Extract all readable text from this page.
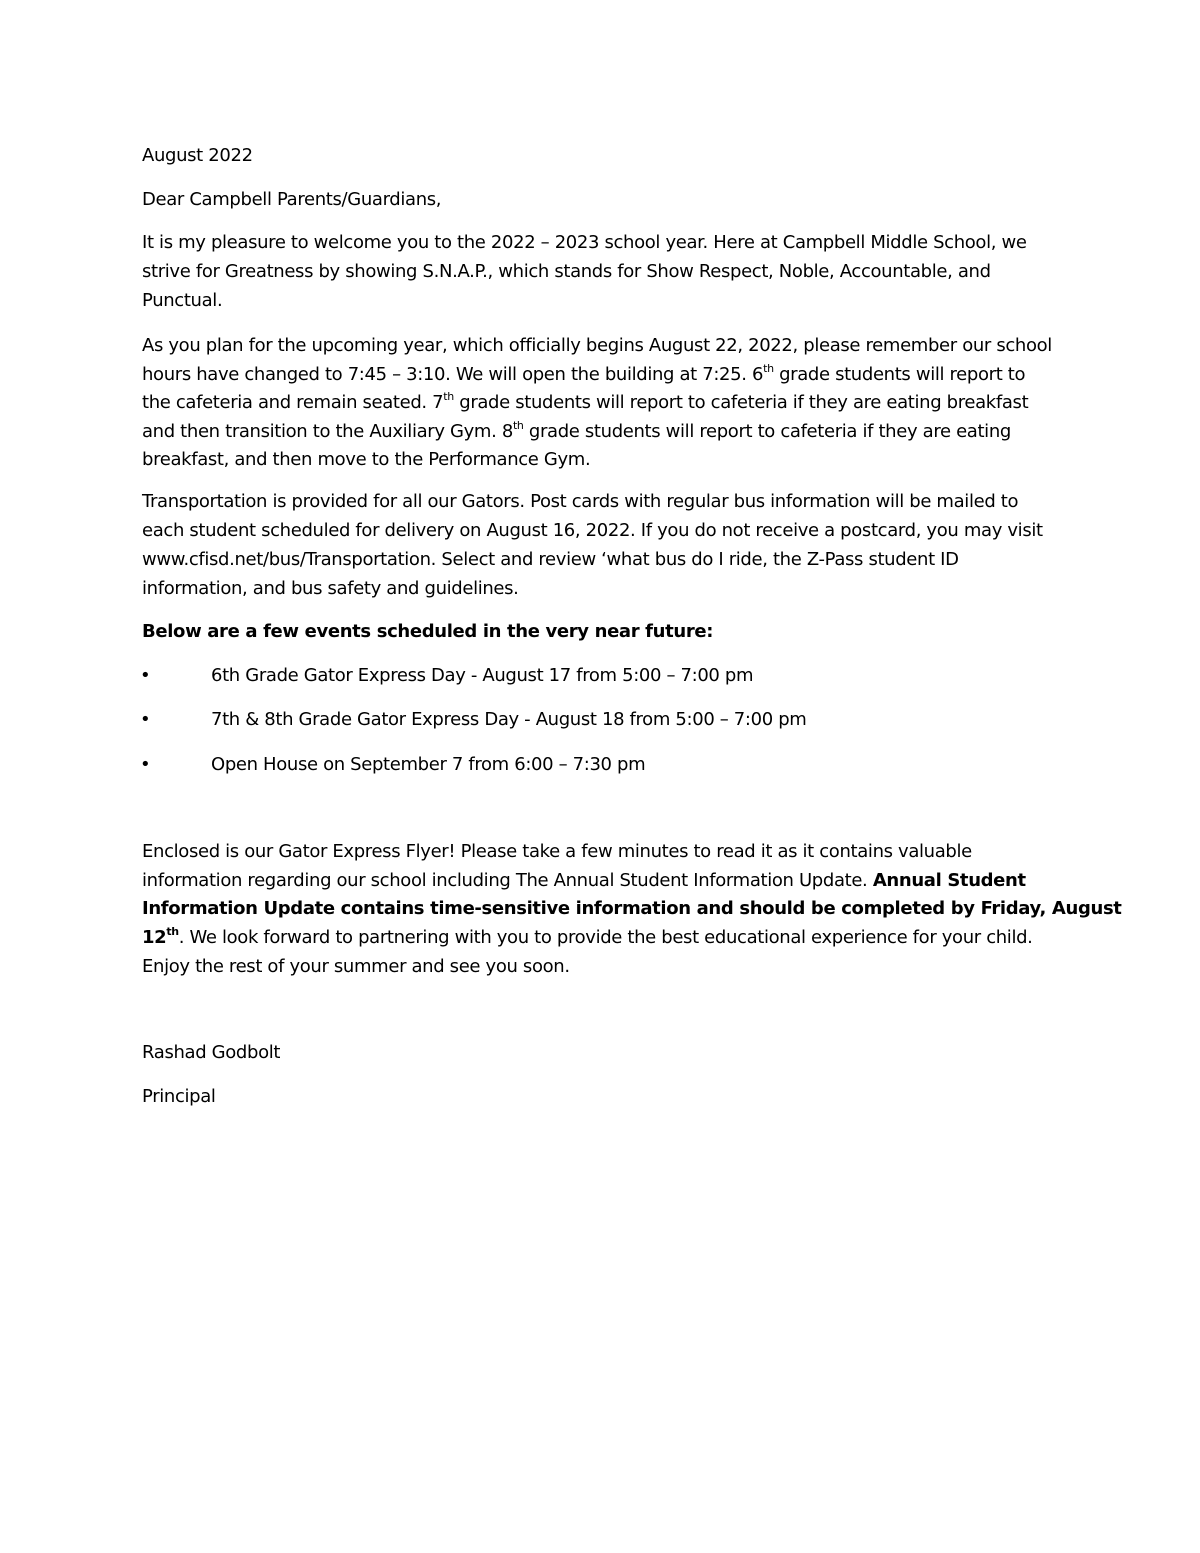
August 2022
Dear Campbell Parents/Guardians,
It is my pleasure to welcome you to the 2022 – 2023 school year. Here at Campbell Middle School, we
strive for Greatness by showing S.N.A.P., which stands for Show Respect, Noble, Accountable, and
Punctual.
As you plan for the upcoming year, which officially begins August 22, 2022, please remember our school
hours have changed to 7:45 – 3:10. We will open the building at 7:25. 6th grade students will report to
the cafeteria and remain seated. 7th grade students will report to cafeteria if they are eating breakfast
and then transition to the Auxiliary Gym. 8th grade students will report to cafeteria if they are eating
breakfast, and then move to the Performance Gym.
Transportation is provided for all our Gators. Post cards with regular bus information will be mailed to
each student scheduled for delivery on August 16, 2022. If you do not receive a postcard, you may visit
www.cfisd.net/bus/Transportation. Select and review ‘what bus do I ride, the Z-Pass student ID
information, and bus safety and guidelines.
Below are a few events scheduled in the very near future:
•	6th Grade Gator Express Day - August 17 from 5:00 – 7:00 pm
•	7th & 8th Grade Gator Express Day - August 18 from 5:00 – 7:00 pm
•	Open House on September 7 from 6:00 – 7:30 pm
Enclosed is our Gator Express Flyer! Please take a few minutes to read it as it contains valuable
information regarding our school including The Annual Student Information Update. Annual Student
Information Update contains time-sensitive information and should be completed by Friday, August
12th. We look forward to partnering with you to provide the best educational experience for your child.
Enjoy the rest of your summer and see you soon.
Rashad Godbolt
Principal
